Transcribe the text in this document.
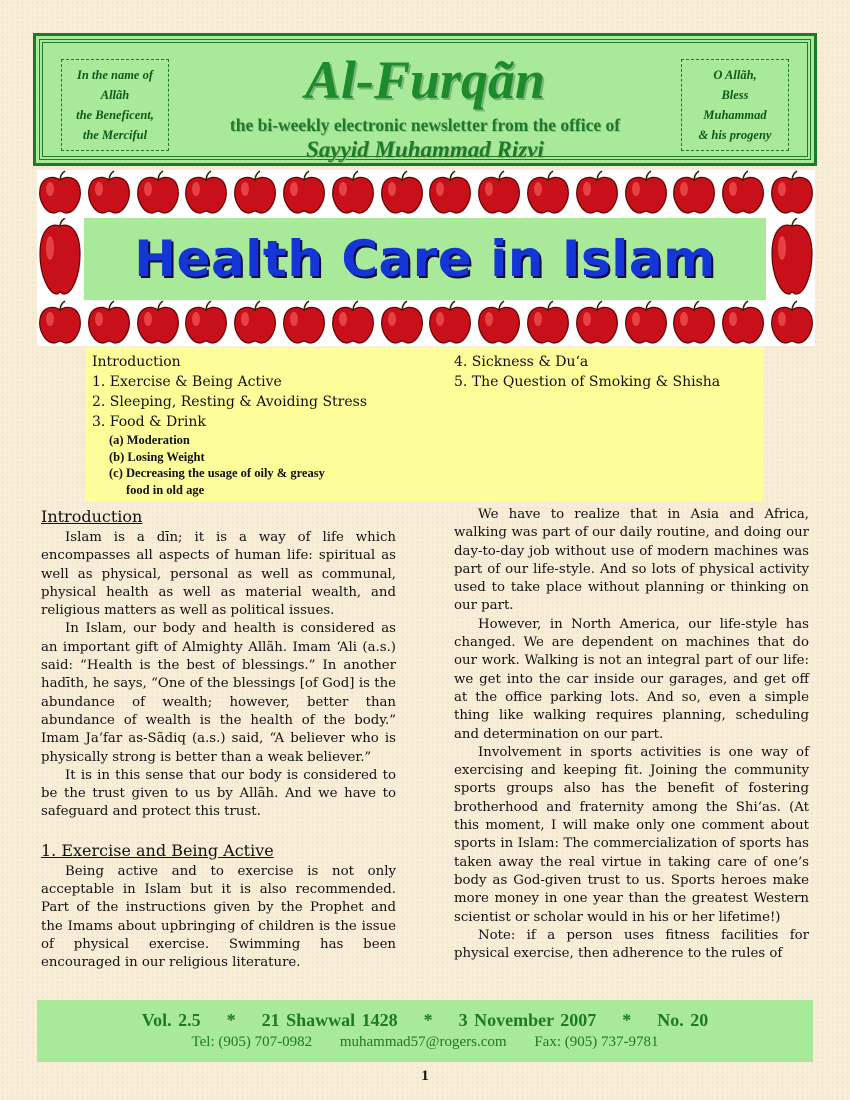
In the name of
Allãh
the Beneficent,
the Merciful
Al-Furqãn
the bi-weekly electronic newsletter from the office of
Sayyid Muhammad Rizvi
O Allãh,
Bless
Muhammad
& his progeny
Health Care in Islam
Introduction
1. Exercise & Being Active
2. Sleeping, Resting & Avoiding Stress
3. Food & Drink
(a) Moderation
(b) Losing Weight
(c) Decreasing the usage of oily & greasy
food in old age
4. Sickness & Du‘a
5. The Question of Smoking & Shisha
Introduction

Islam is a dīn; it is a way of life which encompasses all aspects of human life: spiritual as well as physical, personal as well as communal, physical health as well as material wealth, and religious matters as well as political issues.

In Islam, our body and health is considered as an important gift of Almighty Allãh. Imam ‘Ali (a.s.) said: “Health is the best of blessings.” In another hadīth, he says, “One of the blessings [of God] is the abundance of wealth; however, better than abundance of wealth is the health of the body.” Imam Ja‘far as-Sãdiq (a.s.) said, “A believer who is physically strong is better than a weak believer.”

It is in this sense that our body is considered to be the trust given to us by Allãh. And we have to safeguard and protect this trust.

1. Exercise and Being Active

Being active and to exercise is not only acceptable in Islam but it is also recommended. Part of the instructions given by the Prophet and the Imams about upbringing of children is the issue of physical exercise. Swimming has been encouraged in our religious literature.

We have to realize that in Asia and Africa, walking was part of our daily routine, and doing our day-to-day job without use of modern machines was part of our life-style. And so lots of physical activity used to take place without planning or thinking on our part.

However, in North America, our life-style has changed. We are dependent on machines that do our work. Walking is not an integral part of our life: we get into the car inside our garages, and get off at the office parking lots. And so, even a simple thing like walking requires planning, scheduling and determination on our part.

Involvement in sports activities is one way of exercising and keeping fit. Joining the community sports groups also has the benefit of fostering brotherhood and fraternity among the Shi‘as. (At this moment, I will make only one comment about sports in Islam: The commercialization of sports has taken away the real virtue in taking care of one’s body as God-given trust to us. Sports heroes make more money in one year than the greatest Western scientist or scholar would in his or her lifetime!)

Note: if a person uses fitness facilities for physical exercise, then adherence to the rules of

Vol. 2.5    *    21 Shawwal 1428    *    3 November 2007    *    No. 20
Tel: (905) 707-0982 muhammad57@rogers.com Fax: (905) 737-9781
1
